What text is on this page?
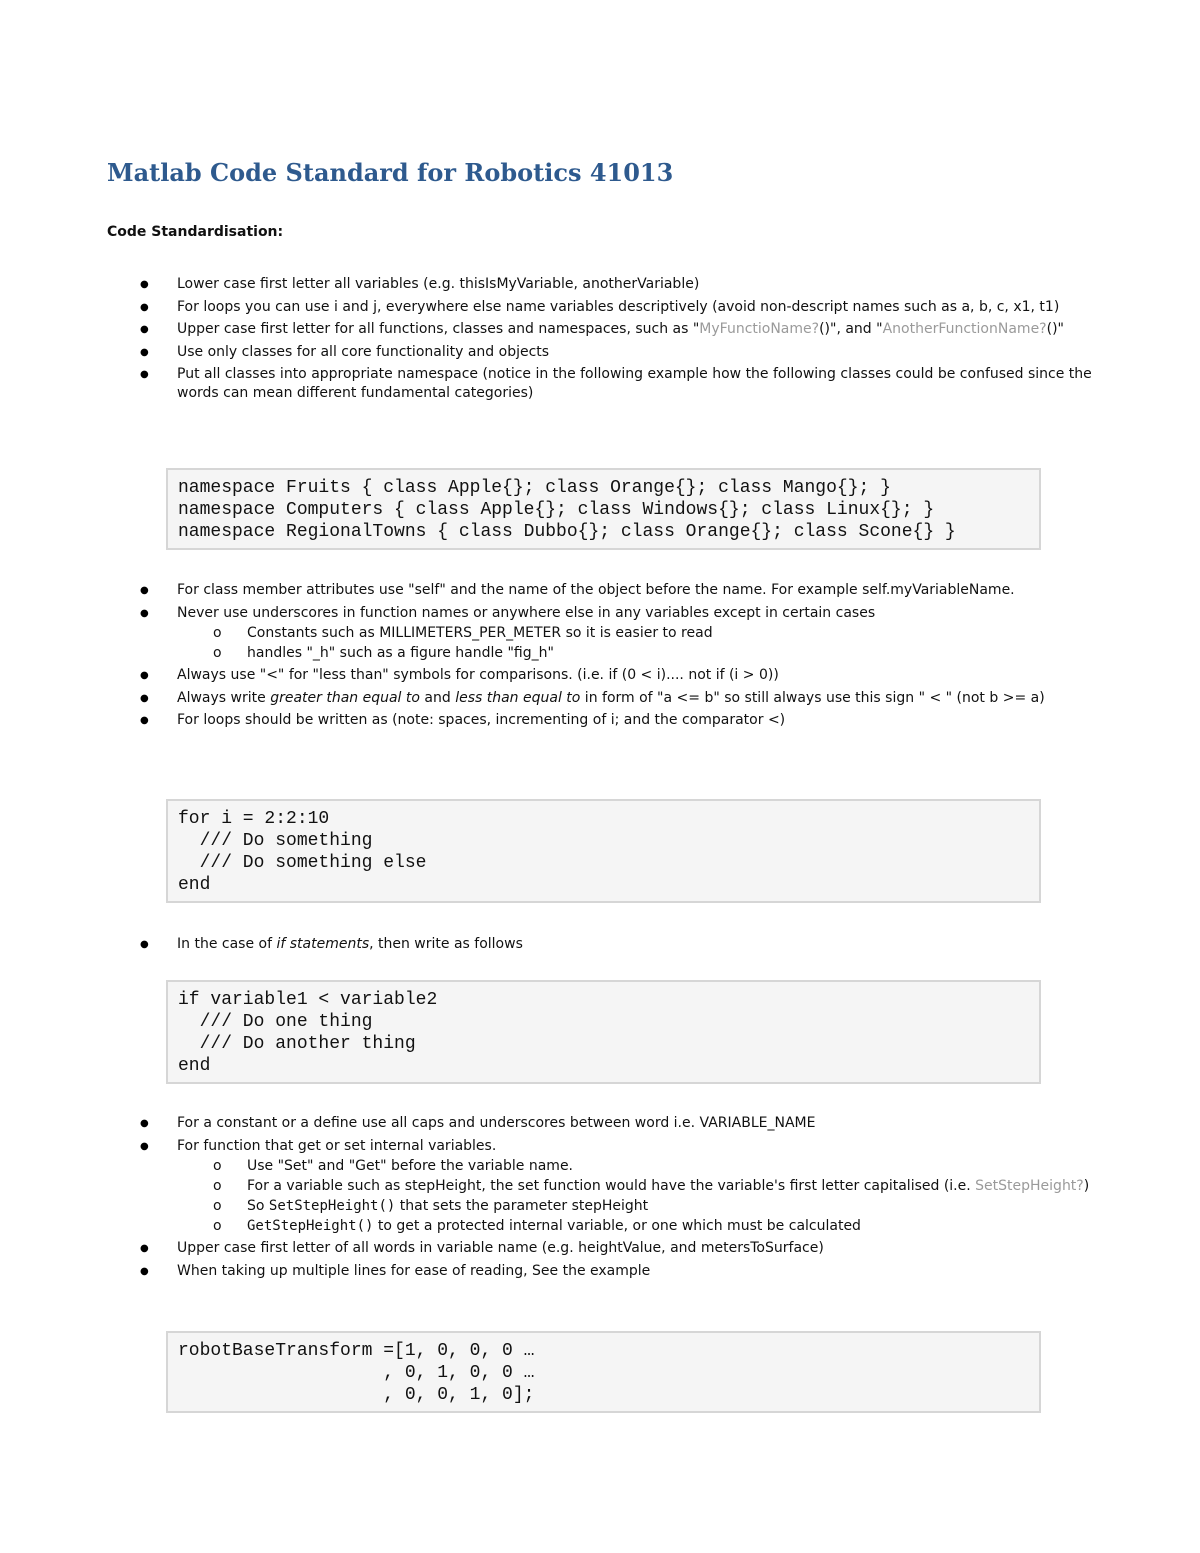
Matlab Code Standard for Robotics 41013
Code Standardisation:
● Lower case first letter all variables (e.g. thisIsMyVariable, anotherVariable)
● For loops you can use i and j, everywhere else name variables descriptively (avoid non-descript names such as a, b, c, x1, t1)
● Upper case first letter for all functions, classes and namespaces, such as "MyFunctioName?()", and "AnotherFunctionName?()"
● Use only classes for all core functionality and objects
● Put all classes into appropriate namespace (notice in the following example how the following classes could be confused since the words can mean different fundamental categories)
namespace Fruits { class Apple{}; class Orange{}; class Mango{}; }
namespace Computers { class Apple{}; class Windows{}; class Linux{}; }
namespace RegionalTowns { class Dubbo{}; class Orange{}; class Scone{} }
● For class member attributes use "self" and the name of the object before the name. For example self.myVariableName.
● Never use underscores in function names or anywhere else in any variables except in certain cases
o Constants such as MILLIMETERS_PER_METER so it is easier to read
o handles "_h" such as a figure handle "fig_h"
● Always use "<" for "less than" symbols for comparisons. (i.e. if (0 < i).... not if (i > 0))
● Always write greater than equal to and less than equal to in form of "a <= b" so still always use this sign " < " (not b >= a)
● For loops should be written as (note: spaces, incrementing of i; and the comparator <)
for i = 2:2:10
/// Do something
/// Do something else
end
● In the case of if statements, then write as follows
if variable1 < variable2
/// Do one thing
/// Do another thing
end
● For a constant or a define use all caps and underscores between word i.e. VARIABLE_NAME
● For function that get or set internal variables.
o Use "Set" and "Get" before the variable name.
o For a variable such as stepHeight, the set function would have the variable's first letter capitalised (i.e. SetStepHeight?)
o So SetStepHeight() that sets the parameter stepHeight
o GetStepHeight() to get a protected internal variable, or one which must be calculated
● Upper case first letter of all words in variable name (e.g. heightValue, and metersToSurface)
● When taking up multiple lines for ease of reading, See the example
robotBaseTransform =[1, 0, 0, 0 …
, 0, 1, 0, 0 …
, 0, 0, 1, 0];
